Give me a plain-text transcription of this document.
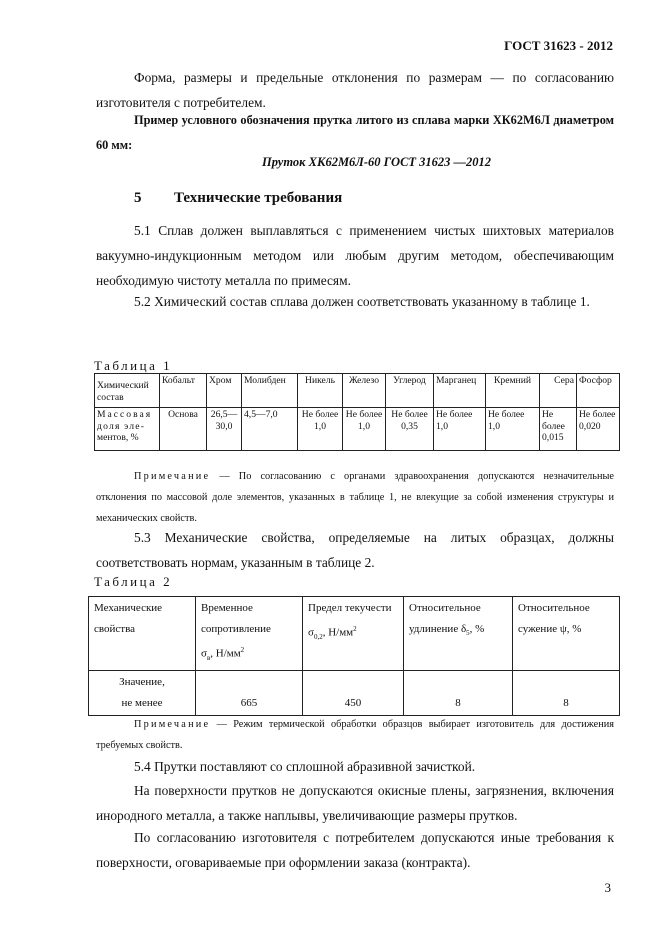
ГОСТ 31623 - 2012
Форма, размеры и предельные отклонения по размерам — по согласованию изготовителя с потребителем.
Пример условного обозначения прутка литого из сплава марки ХК62М6Л диаметром 60 мм:
Пруток ХК62М6Л-60 ГОСТ 31623 —2012
5 Технические требования
5.1 Сплав должен выплавляться с применением чистых шихтовых материалов вакуумно-индукционным методом или любым другим методом, обеспечивающим необходимую чистоту металла по примесям.
5.2 Химический состав сплава должен соответствовать указанному в таблице 1.
Таблица 1
Химический состав	Кобальт	Хром	Молибден	Никель	Железо	Углерод	Марганец	Кремний	Сера	Фосфор
Массовая
доля элe-
ментов, %	Основа	26,5—30,0	4,5—7,0	Не более 1,0	Не более 1,0	Не более 0,35	Не более 1,0	Не более 1,0	Не более 0,015	Не более 0,020
Примечание — По согласованию с органами здравоохранения допускаются незначительные отклонения по массовой доле элементов, указанных в таблице 1, не влекущие за собой изменения структуры и механических свойств.
5.3 Механические свойства, определяемые на литых образцах, должны соответствовать нормам, указанным в таблице 2.
Таблица 2
Механические
свойства	Временное
сопротивление
$\sigma_в$, $Н/мм^2$	Предел текучести
$\sigma_{0,2}$, $Н/мм^2$	Относительное
удлинение $\delta_5$, %	Относительное
сужение ψ, %
Значение,
не менее	665	450	8	8
Примечание — Режим термической обработки образцов выбирает изготовитель для достижения требуемых свойств.
5.4 Прутки поставляют со сплошной абразивной зачисткой.
На поверхности прутков не допускаются окисные плены, загрязнения, включения инородного металла, а также наплывы, увеличивающие размеры прутков.
По согласованию изготовителя с потребителем допускаются иные требования к поверхности, оговариваемые при оформлении заказа (контракта).
3
